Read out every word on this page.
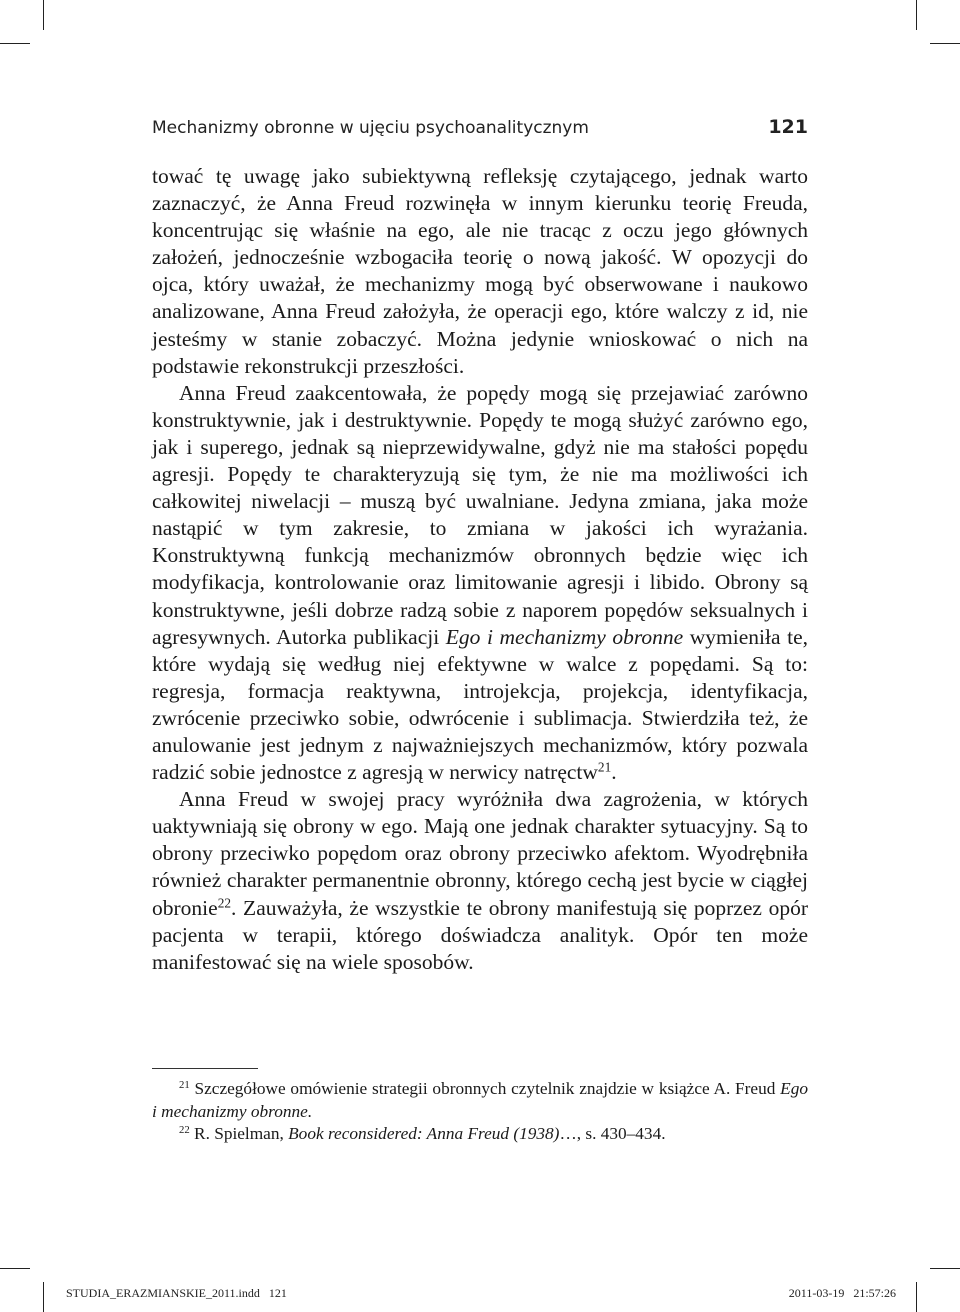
Mechanizmy obronne w ujęciu psychoanalitycznym	121

tować tę uwagę jako subiektywną refleksję czytającego, jednak warto zaznaczyć, że Anna Freud rozwinęła w innym kierunku teorię Freuda, koncentrując się właśnie na ego, ale nie tracąc z oczu jego głównych założeń, jednocześnie wzbogaciła teorię o nową jakość. W opozycji do ojca, który uważał, że mechanizmy mogą być obserwowane i naukowo analizowane, Anna Freud założyła, że operacji ego, które walczy z id, nie jesteśmy w stanie zobaczyć. Można jedynie wnioskować o nich na podstawie rekonstrukcji przeszłości.

Anna Freud zaakcentowała, że popędy mogą się przejawiać zarówno konstruktywnie, jak i destruktywnie. Popędy te mogą służyć zarówno ego, jak i superego, jednak są nieprzewidywalne, gdyż nie ma stałości popędu agresji. Popędy te charakteryzują się tym, że nie ma możliwości ich całkowitej niwelacji – muszą być uwalniane. Jedyna zmiana, jaka może nastąpić w tym zakresie, to zmiana w jakości ich wyrażania. Konstruktywną funkcją mechanizmów obronnych będzie więc ich modyfikacja, kontrolowanie oraz limitowanie agresji i libido. Obrony są konstruktywne, jeśli dobrze radzą sobie z naporem popędów seksualnych i agresywnych. Autorka publikacji Ego i mechanizmy obronne wymieniła te, które wydają się według niej efektywne w walce z popędami. Są to: regresja, formacja reaktywna, introjekcja, projekcja, identyfikacja, zwrócenie przeciwko sobie, odwrócenie i sublimacja. Stwierdziła też, że anulowanie jest jednym z najważniejszych mechanizmów, który pozwala radzić sobie jednostce z agresją w nerwicy natręctw$^{21}$.

Anna Freud w swojej pracy wyróżniła dwa zagrożenia, w których uaktywniają się obrony w ego. Mają one jednak charakter sytuacyjny. Są to obrony przeciwko popędom oraz obrony przeciwko afektom. Wyodrębniła również charakter permanentnie obronny, którego cechą jest bycie w ciągłej obronie$^{22}$. Zauważyła, że wszystkie te obrony manifestują się poprzez opór pacjenta w terapii, którego doświadcza analityk. Opór ten może manifestować się na wiele sposobów.

$^{21}$ Szczegółowe omówienie strategii obronnych czytelnik znajdzie w książce A. Freud Ego i mechanizmy obronne.

$^{22}$ R. Spielman, Book reconsidered: Anna Freud (1938)…, s. 430–434.

STUDIA_ERAZMIANSKIE_2011.indd   121	2011-03-19   21:57:26
